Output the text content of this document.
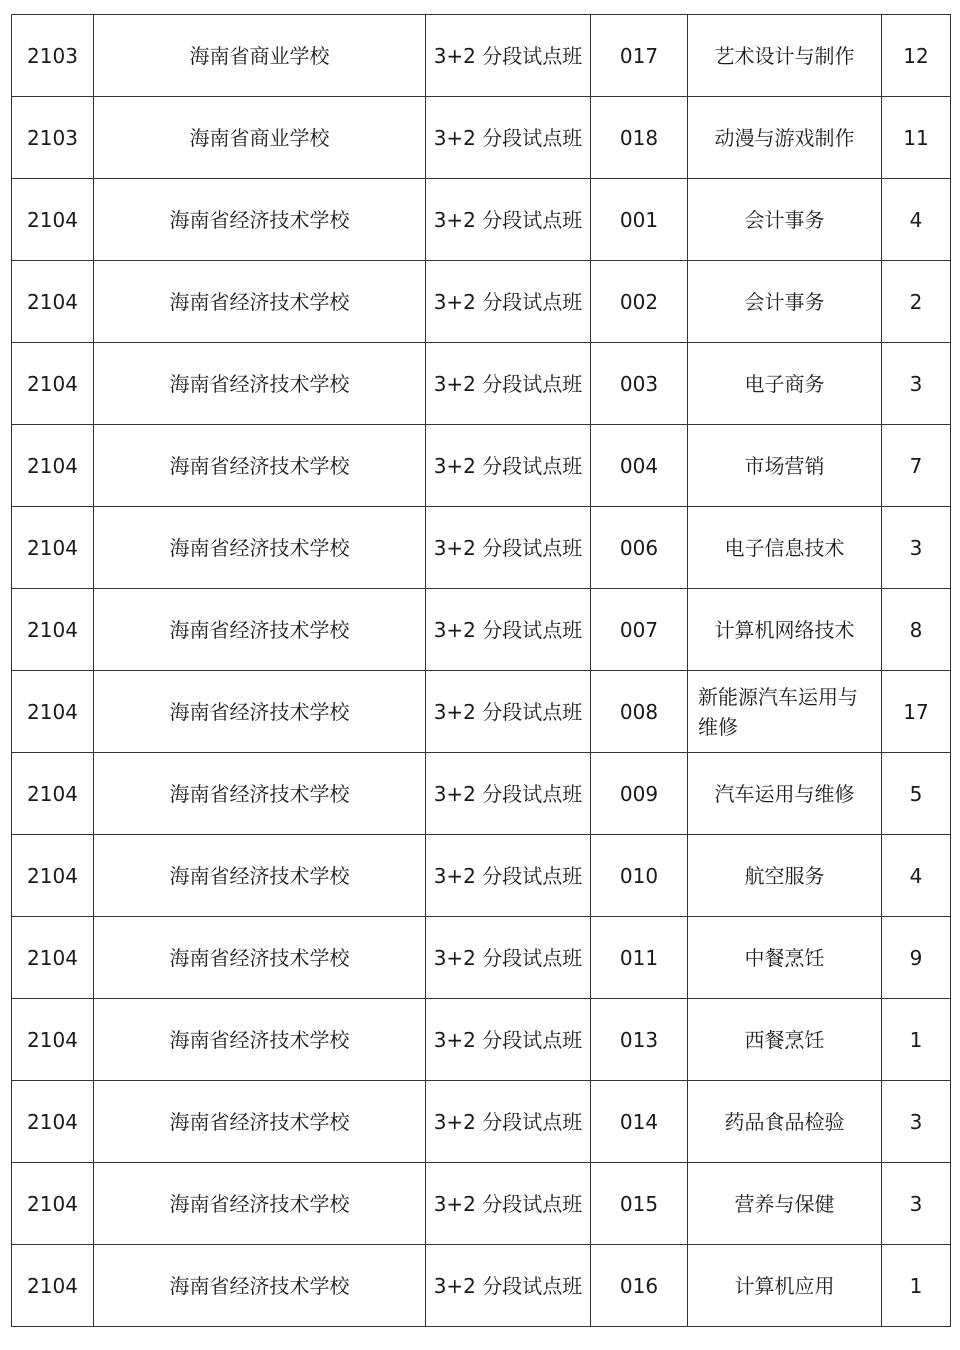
2103	海南省商业学校	3+2 分段试点班	017	艺术设计与制作	12
2103	海南省商业学校	3+2 分段试点班	018	动漫与游戏制作	11
2104	海南省经济技术学校	3+2 分段试点班	001	会计事务	4
2104	海南省经济技术学校	3+2 分段试点班	002	会计事务	2
2104	海南省经济技术学校	3+2 分段试点班	003	电子商务	3
2104	海南省经济技术学校	3+2 分段试点班	004	市场营销	7
2104	海南省经济技术学校	3+2 分段试点班	006	电子信息技术	3
2104	海南省经济技术学校	3+2 分段试点班	007	计算机网络技术	8
2104	海南省经济技术学校	3+2 分段试点班	008	新能源汽车运用与维修	17
2104	海南省经济技术学校	3+2 分段试点班	009	汽车运用与维修	5
2104	海南省经济技术学校	3+2 分段试点班	010	航空服务	4
2104	海南省经济技术学校	3+2 分段试点班	011	中餐烹饪	9
2104	海南省经济技术学校	3+2 分段试点班	013	西餐烹饪	1
2104	海南省经济技术学校	3+2 分段试点班	014	药品食品检验	3
2104	海南省经济技术学校	3+2 分段试点班	015	营养与保健	3
2104	海南省经济技术学校	3+2 分段试点班	016	计算机应用	1
